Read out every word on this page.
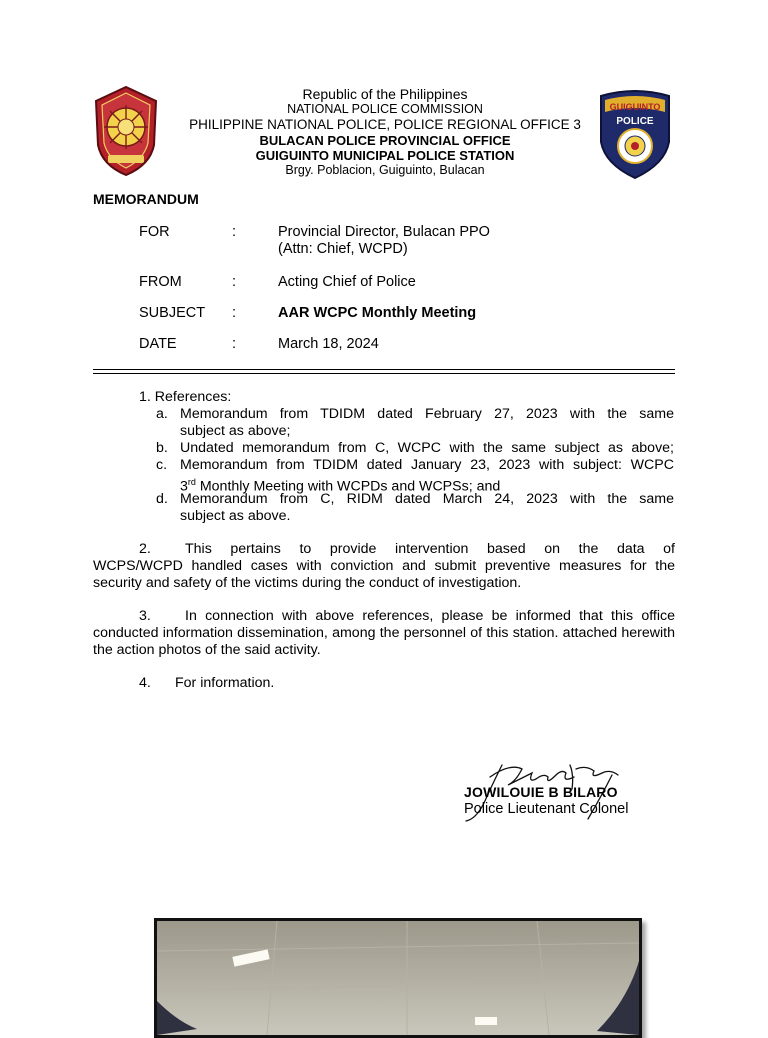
GUIGUINTO
POLICE
Republic of the Philippines
NATIONAL POLICE COMMISSION
PHILIPPINE NATIONAL POLICE, POLICE REGIONAL OFFICE 3
BULACAN POLICE PROVINCIAL OFFICE
GUIGUINTO MUNICIPAL POLICE STATION
Brgy. Poblacion, Guiguinto, Bulacan
MEMORANDUM
FOR	:	Provincial Director, Bulacan PPO
(Attn: Chief, WCPD)
FROM	:	Acting Chief of Police
SUBJECT	:	AAR WCPC Monthly Meeting
DATE	:	March 18, 2024
1. References:
a. Memorandum from TDIDM dated February 27, 2023 with the same
subject as above;
b. Undated memorandum from C, WCPC with the same subject as above;
c. Memorandum from TDIDM dated January 23, 2023 with subject: WCPC
3rd Monthly Meeting with WCPDs and WCPSs; and
d. Memorandum from C, RIDM dated March 24, 2023 with the same
subject as above.
2. This pertains to provide intervention based on the data of
WCPS/WCPD handled cases with conviction and submit preventive measures for the security and safety of the victims during the conduct of investigation.
3. In connection with above references, please be informed that this office
conducted information dissemination, among the personnel of this station. attached herewith the action photos of the said activity.
4. For information.
JOWILOUIE B BILARO
Police Lieutenant Colonel
